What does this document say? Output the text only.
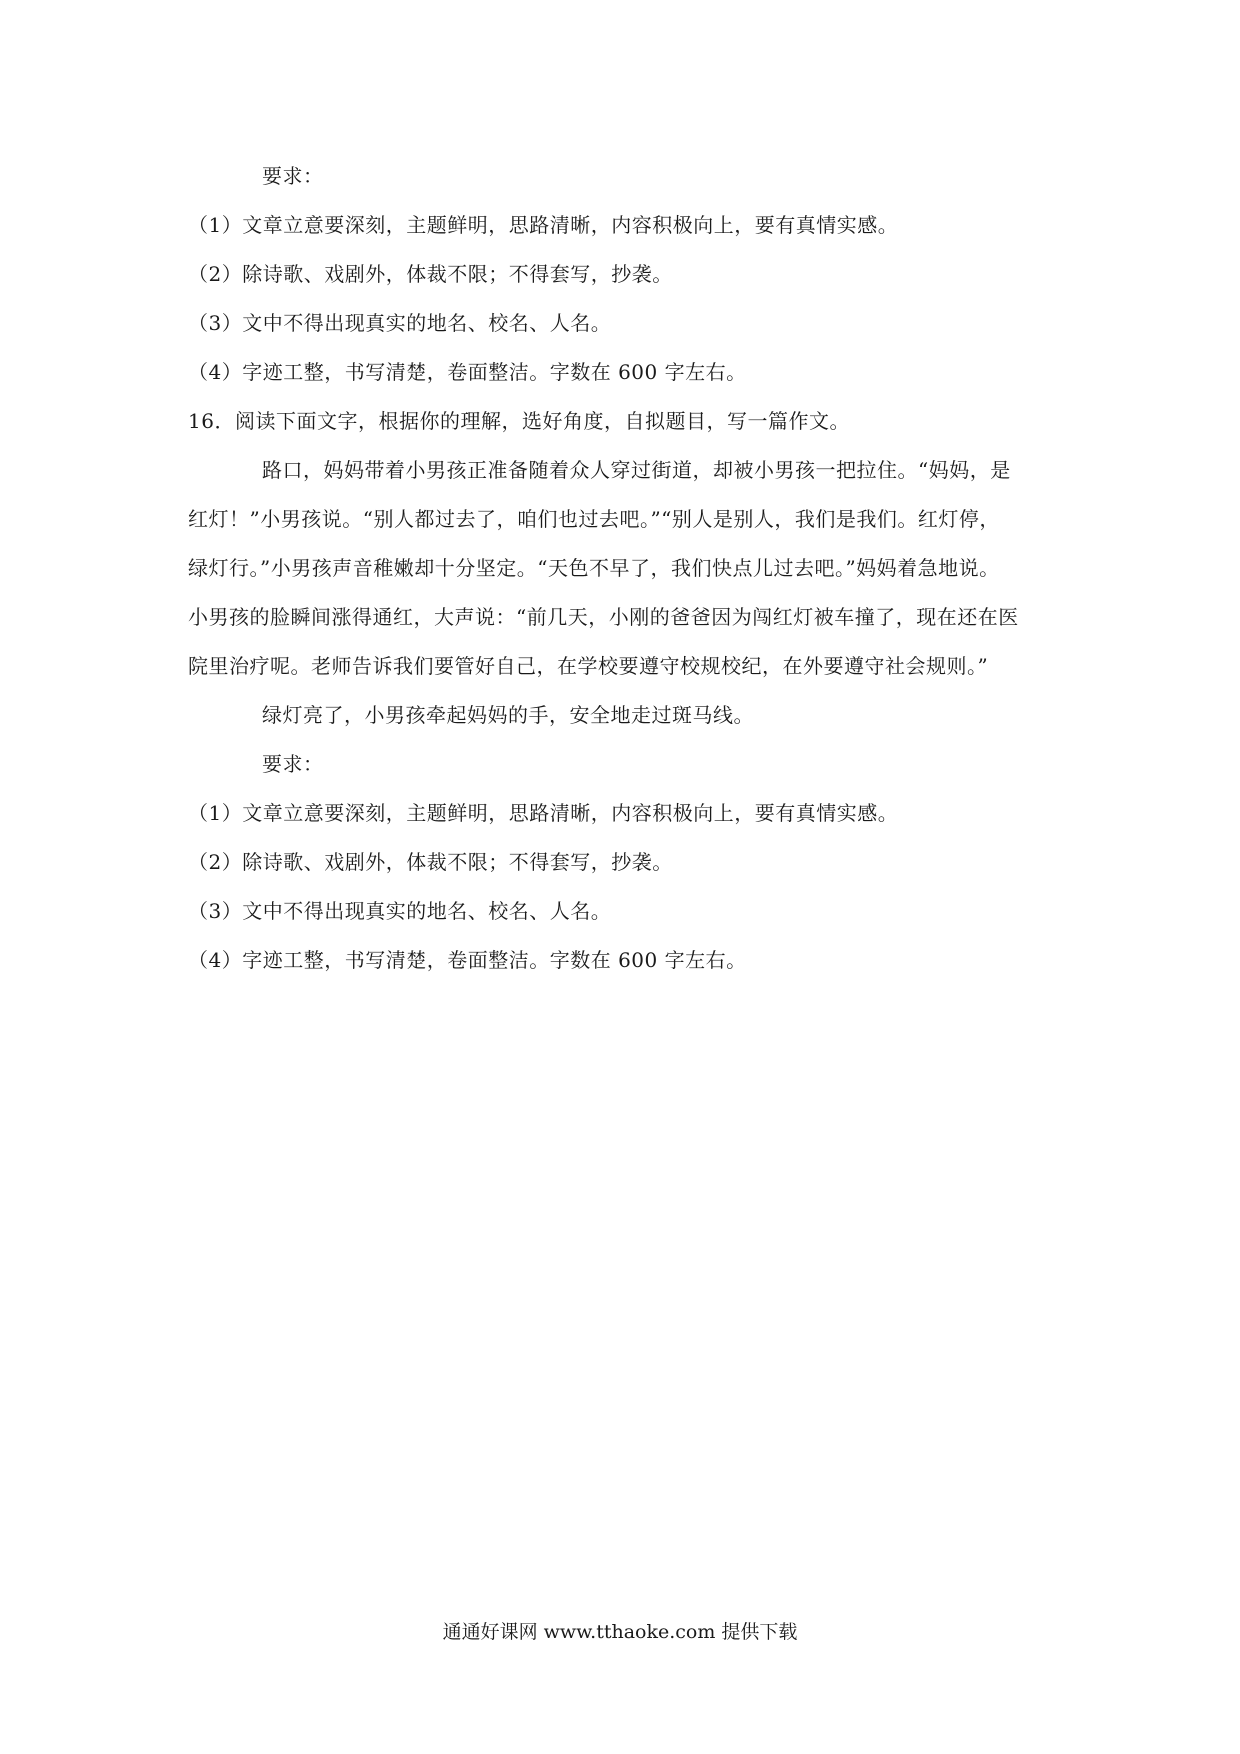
要求：
（1）文章立意要深刻，主题鲜明，思路清晰，内容积极向上，要有真情实感。
（2）除诗歌、戏剧外，体裁不限；不得套写，抄袭。
（3）文中不得出现真实的地名、校名、人名。
（4）字迹工整，书写清楚，卷面整洁。字数在 600 字左右。
16．阅读下面文字，根据你的理解，选好角度，自拟题目，写一篇作文。
路口，妈妈带着小男孩正准备随着众人穿过街道，却被小男孩一把拉住。“妈妈，是
红灯！”小男孩说。“别人都过去了，咱们也过去吧。”“别人是别人，我们是我们。红灯停，
绿灯行。”小男孩声音稚嫩却十分坚定。“天色不早了，我们快点儿过去吧。”妈妈着急地说。
小男孩的脸瞬间涨得通红，大声说：“前几天，小刚的爸爸因为闯红灯被车撞了，现在还在医
院里治疗呢。老师告诉我们要管好自己，在学校要遵守校规校纪，在外要遵守社会规则。”
绿灯亮了，小男孩牵起妈妈的手，安全地走过斑马线。
要求：
（1）文章立意要深刻，主题鲜明，思路清晰，内容积极向上，要有真情实感。
（2）除诗歌、戏剧外，体裁不限；不得套写，抄袭。
（3）文中不得出现真实的地名、校名、人名。
（4）字迹工整，书写清楚，卷面整洁。字数在 600 字左右。
通通好课网 www.tthaoke.com 提供下载
